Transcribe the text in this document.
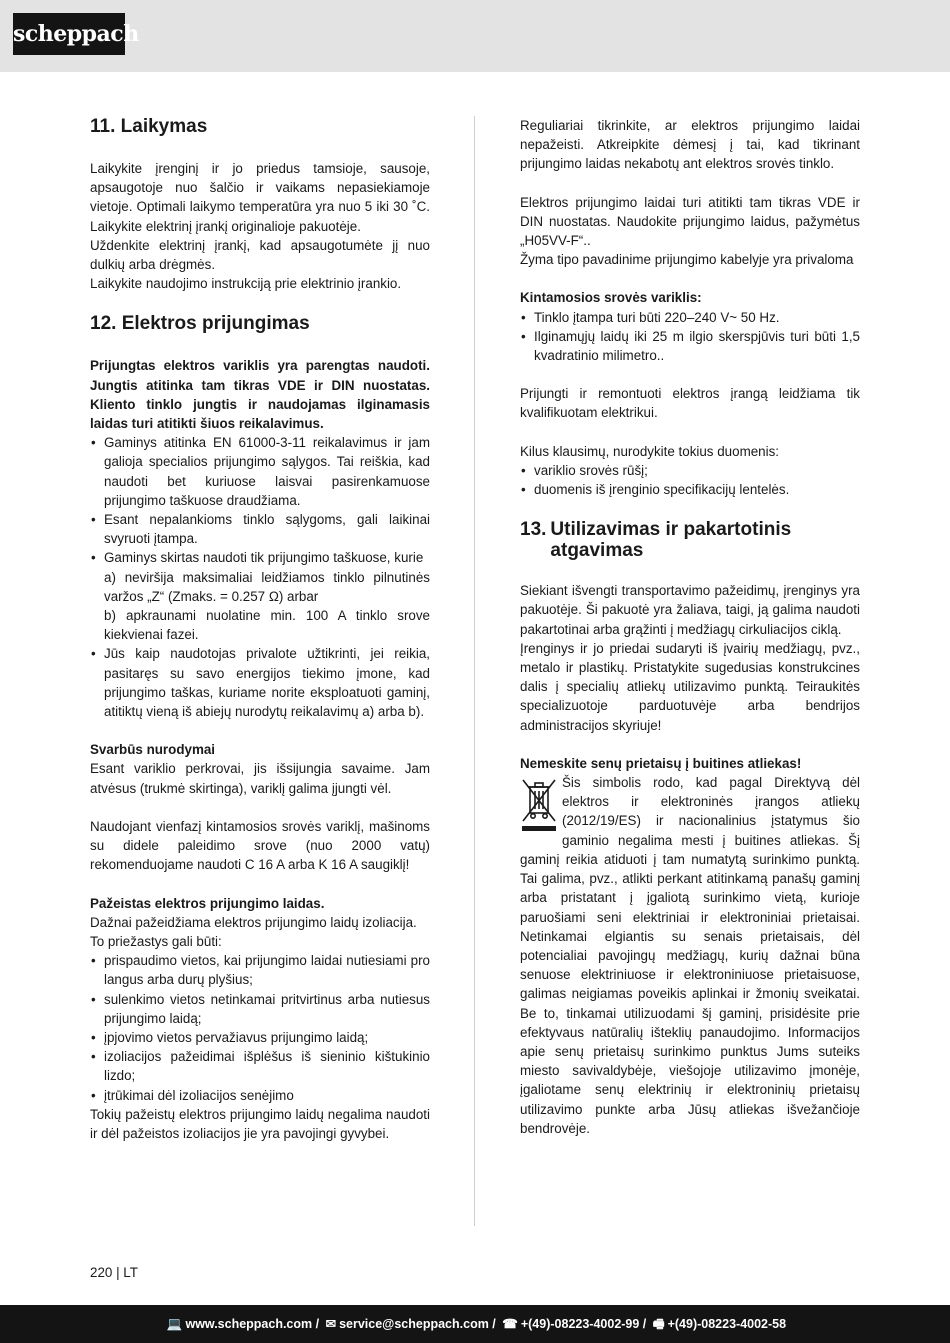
scheppach
11. Laikymas

Laikykite įrenginį ir jo priedus tamsioje, sausoje, apsaugotoje nuo šalčio ir vaikams nepasiekiamoje vietoje. Optimali laikymo temperatūra yra nuo 5 iki 30 ˚C. Laikykite elektrinį įrankį originalioje pakuotėje.

Uždenkite elektrinį įrankį, kad apsaugotumėte jį nuo dulkių arba drėgmės.

Laikykite naudojimo instrukciją prie elektrinio įrankio.

12. Elektros prijungimas

Prijungtas elektros variklis yra parengtas naudoti. Jungtis atitinka tam tikras VDE ir DIN nuostatas. Kliento tinklo jungtis ir naudojamas ilginamasis laidas turi atitikti šiuos reikalavimus.

• Gaminys atitinka EN 61000-3-11 reikalavimus ir jam galioja specialios prijungimo sąlygos. Tai reiškia, kad naudoti bet kuriuose laisvai pasirenkamuose prijungimo taškuose draudžiama.
• Esant nepalankioms tinklo sąlygoms, gali laikinai svyruoti įtampa.
• Gaminys skirtas naudoti tik prijungimo taškuose, kurie
a) neviršija maksimaliai leidžiamos tinklo pilnutinės varžos „Z“ (Zmaks. = 0.257 Ω) arbar
b) apkraunami nuolatine min. 100 A tinklo srove kiekvienai fazei.
• Jūs kaip naudotojas privalote užtikrinti, jei reikia, pasitaręs su savo energijos tiekimo įmone, kad prijungimo taškas, kuriame norite eksploatuoti gaminį, atitiktų vieną iš abiejų nurodytų reikalavimų a) arba b).

Svarbūs nurodymai

Esant variklio perkrovai, jis išsijungia savaime. Jam atvėsus (trukmė skirtinga), variklį galima įjungti vėl.

Naudojant vienfazį kintamosios srovės variklį, mašinoms su didele paleidimo srove (nuo 2000 vatų) rekomenduojame naudoti C 16 A arba K 16 A saugiklį!

Pažeistas elektros prijungimo laidas.

Dažnai pažeidžiama elektros prijungimo laidų izoliacija.

To priežastys gali būti:

• prispaudimo vietos, kai prijungimo laidai nutiesiami pro langus arba durų plyšius;
• sulenkimo vietos netinkamai pritvirtinus arba nutiesus prijungimo laidą;
• įpjovimo vietos pervažiavus prijungimo laidą;
• izoliacijos pažeidimai išplėšus iš sieninio kištukinio lizdo;
• įtrūkimai dėl izoliacijos senėjimo

Tokių pažeistų elektros prijungimo laidų negalima naudoti ir dėl pažeistos izoliacijos jie yra pavojingi gyvybei.

Reguliariai tikrinkite, ar elektros prijungimo laidai nepažeisti. Atkreipkite dėmesį į tai, kad tikrinant prijungimo laidas nekabotų ant elektros srovės tinklo.

Elektros prijungimo laidai turi atitikti tam tikras VDE ir DIN nuostatas. Naudokite prijungimo laidus, pažymėtus „H05VV-F“..

Žyma tipo pavadinime prijungimo kabelyje yra privaloma

Kintamosios srovės variklis:

• Tinklo įtampa turi būti 220–240 V~ 50 Hz.
• Ilginamųjų laidų iki 25 m ilgio skerspjūvis turi būti 1,5 kvadratinio milimetro..

Prijungti ir remontuoti elektros įrangą leidžiama tik kvalifikuotam elektrikui.

Kilus klausimų, nurodykite tokius duomenis:

• variklio srovės rūšį;
• duomenis iš įrenginio specifikacijų lentelės.
13. Utilizavimas ir pakartotinis
atgavimas

Siekiant išvengti transportavimo pažeidimų, įrenginys yra pakuotėje. Ši pakuotė yra žaliava, taigi, ją galima naudoti pakartotinai arba grąžinti į medžiagų cirkuliacijos ciklą.

Įrenginys ir jo priedai sudaryti iš įvairių medžiagų, pvz., metalo ir plastikų. Pristatykite sugedusias konstrukcines dalis į specialių atliekų utilizavimo punktą. Teiraukitės specializuotoje parduotuvėje arba bendrijos administracijos skyriuje!

Nemeskite senų prietaisų į buitines atliekas!

Šis simbolis rodo, kad pagal Direktyvą dėl elektros ir elektroninės įrangos atliekų (2012/19/ES) ir nacionalinius įstatymus šio gaminio negalima mesti į buitines atliekas. Šį gaminį reikia atiduoti į tam numatytą surinkimo punktą. Tai galima, pvz., atlikti perkant atitinkamą panašų gaminį arba pristatant į įgaliotą surinkimo vietą, kurioje paruošiami seni elektriniai ir elektroniniai prietaisai. Netinkamai elgiantis su senais prietaisais, dėl potencialiai pavojingų medžiagų, kurių dažnai būna senuose elektriniuose ir elektroniniuose prietaisuose, galimas neigiamas poveikis aplinkai ir žmonių sveikatai. Be to, tinkamai utilizuodami šį gaminį, prisidėsite prie efektyvaus natūralių išteklių panaudojimo. Informacijos apie senų prietaisų surinkimo punktus Jums suteiks miesto savivaldybėje, viešojoje utilizavimo įmonėje, įgaliotame senų elektrinių ir elektroninių prietaisų utilizavimo punkte arba Jūsų atliekas išvežančioje bendrovėje.

220 | LT
💻 www.scheppach.com / ✉ service@scheppach.com / ☎ +(49)-08223-4002-99 / 🖷 +(49)-08223-4002-58
